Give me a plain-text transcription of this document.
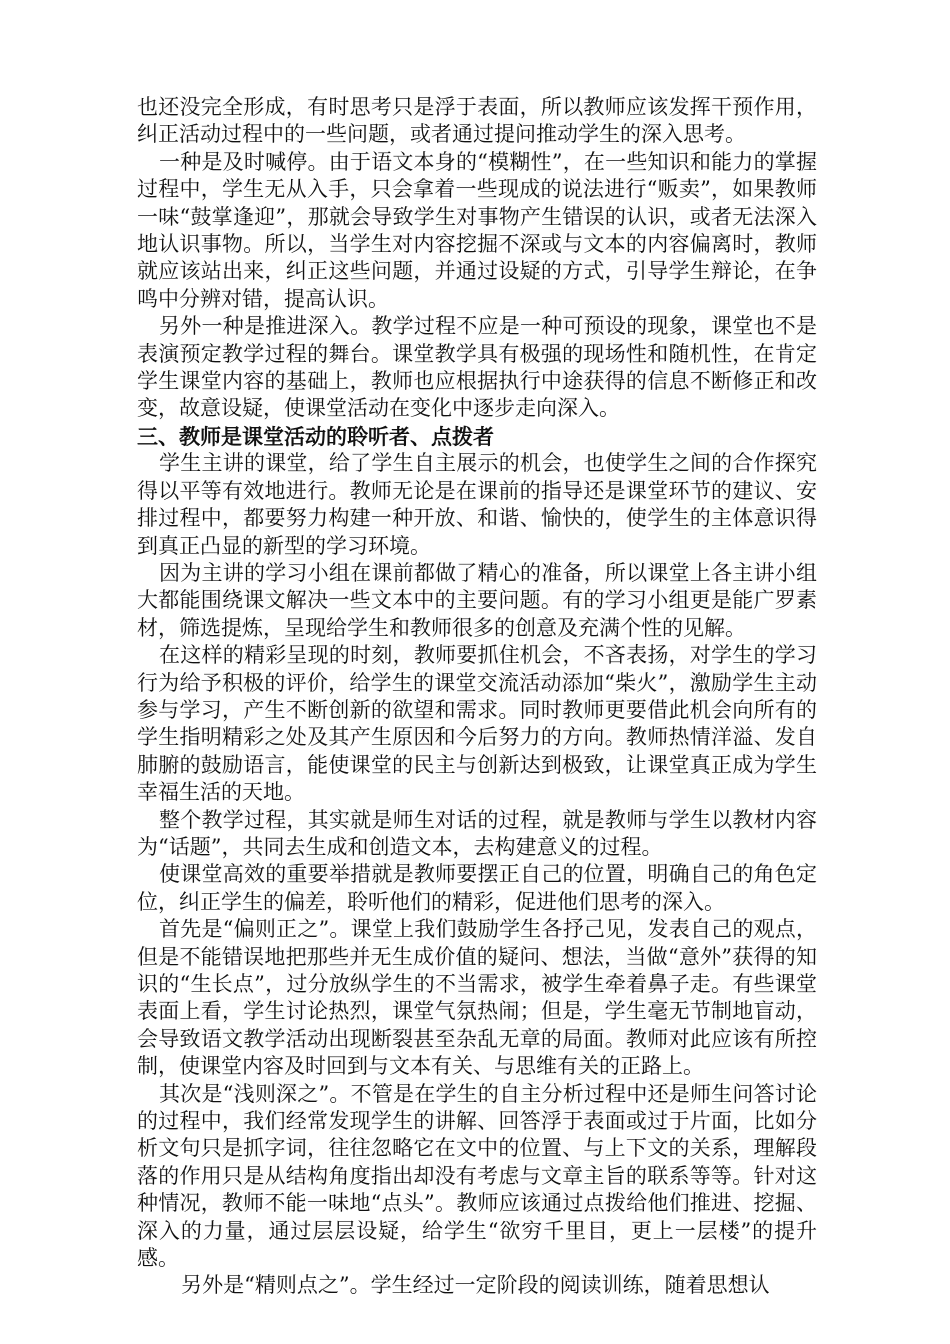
也还没完全形成，有时思考只是浮于表面，所以教师应该发挥干预作用，纠正活动过程中的一些问题，或者通过提问推动学生的深入思考。

一种是及时喊停。由于语文本身的“模糊性”，在一些知识和能力的掌握过程中，学生无从入手，只会拿着一些现成的说法进行“贩卖”，如果教师一味“鼓掌逢迎”，那就会导致学生对事物产生错误的认识，或者无法深入地认识事物。所以，当学生对内容挖掘不深或与文本的内容偏离时，教师就应该站出来，纠正这些问题，并通过设疑的方式，引导学生辩论，在争鸣中分辨对错，提高认识。

另外一种是推进深入。教学过程不应是一种可预设的现象，课堂也不是表演预定教学过程的舞台。课堂教学具有极强的现场性和随机性，在肯定学生课堂内容的基础上，教师也应根据执行中途获得的信息不断修正和改变，故意设疑，使课堂活动在变化中逐步走向深入。

三、教师是课堂活动的聆听者、点拨者

学生主讲的课堂，给了学生自主展示的机会，也使学生之间的合作探究得以平等有效地进行。教师无论是在课前的指导还是课堂环节的建议、安排过程中，都要努力构建一种开放、和谐、愉快的，使学生的主体意识得到真正凸显的新型的学习环境。

因为主讲的学习小组在课前都做了精心的准备，所以课堂上各主讲小组大都能围绕课文解决一些文本中的主要问题。有的学习小组更是能广罗素材，筛选提炼，呈现给学生和教师很多的创意及充满个性的见解。

在这样的精彩呈现的时刻，教师要抓住机会，不吝表扬，对学生的学习行为给予积极的评价，给学生的课堂交流活动添加“柴火”，激励学生主动参与学习，产生不断创新的欲望和需求。同时教师更要借此机会向所有的学生指明精彩之处及其产生原因和今后努力的方向。教师热情洋溢、发自肺腑的鼓励语言，能使课堂的民主与创新达到极致，让课堂真正成为学生幸福生活的天地。

整个教学过程，其实就是师生对话的过程，就是教师与学生以教材内容为“话题”，共同去生成和创造文本，去构建意义的过程。

使课堂高效的重要举措就是教师要摆正自己的位置，明确自己的角色定位，纠正学生的偏差，聆听他们的精彩，促进他们思考的深入。

首先是“偏则正之”。课堂上我们鼓励学生各抒己见，发表自己的观点，但是不能错误地把那些并无生成价值的疑问、想法，当做“意外”获得的知识的“生长点”，过分放纵学生的不当需求，被学生牵着鼻子走。有些课堂表面上看，学生讨论热烈，课堂气氛热闹；但是，学生毫无节制地盲动，会导致语文教学活动出现断裂甚至杂乱无章的局面。教师对此应该有所控制，使课堂内容及时回到与文本有关、与思维有关的正路上。

其次是“浅则深之”。不管是在学生的自主分析过程中还是师生问答讨论的过程中，我们经常发现学生的讲解、回答浮于表面或过于片面，比如分析文句只是抓字词，往往忽略它在文中的位置、与上下文的关系，理解段落的作用只是从结构角度指出却没有考虑与文章主旨的联系等等。针对这种情况，教师不能一味地“点头”。教师应该通过点拨给他们推进、挖掘、深入的力量，通过层层设疑，给学生“欲穷千里目，更上一层楼”的提升感。

另外是“精则点之”。学生经过一定阶段的阅读训练，随着思想认
